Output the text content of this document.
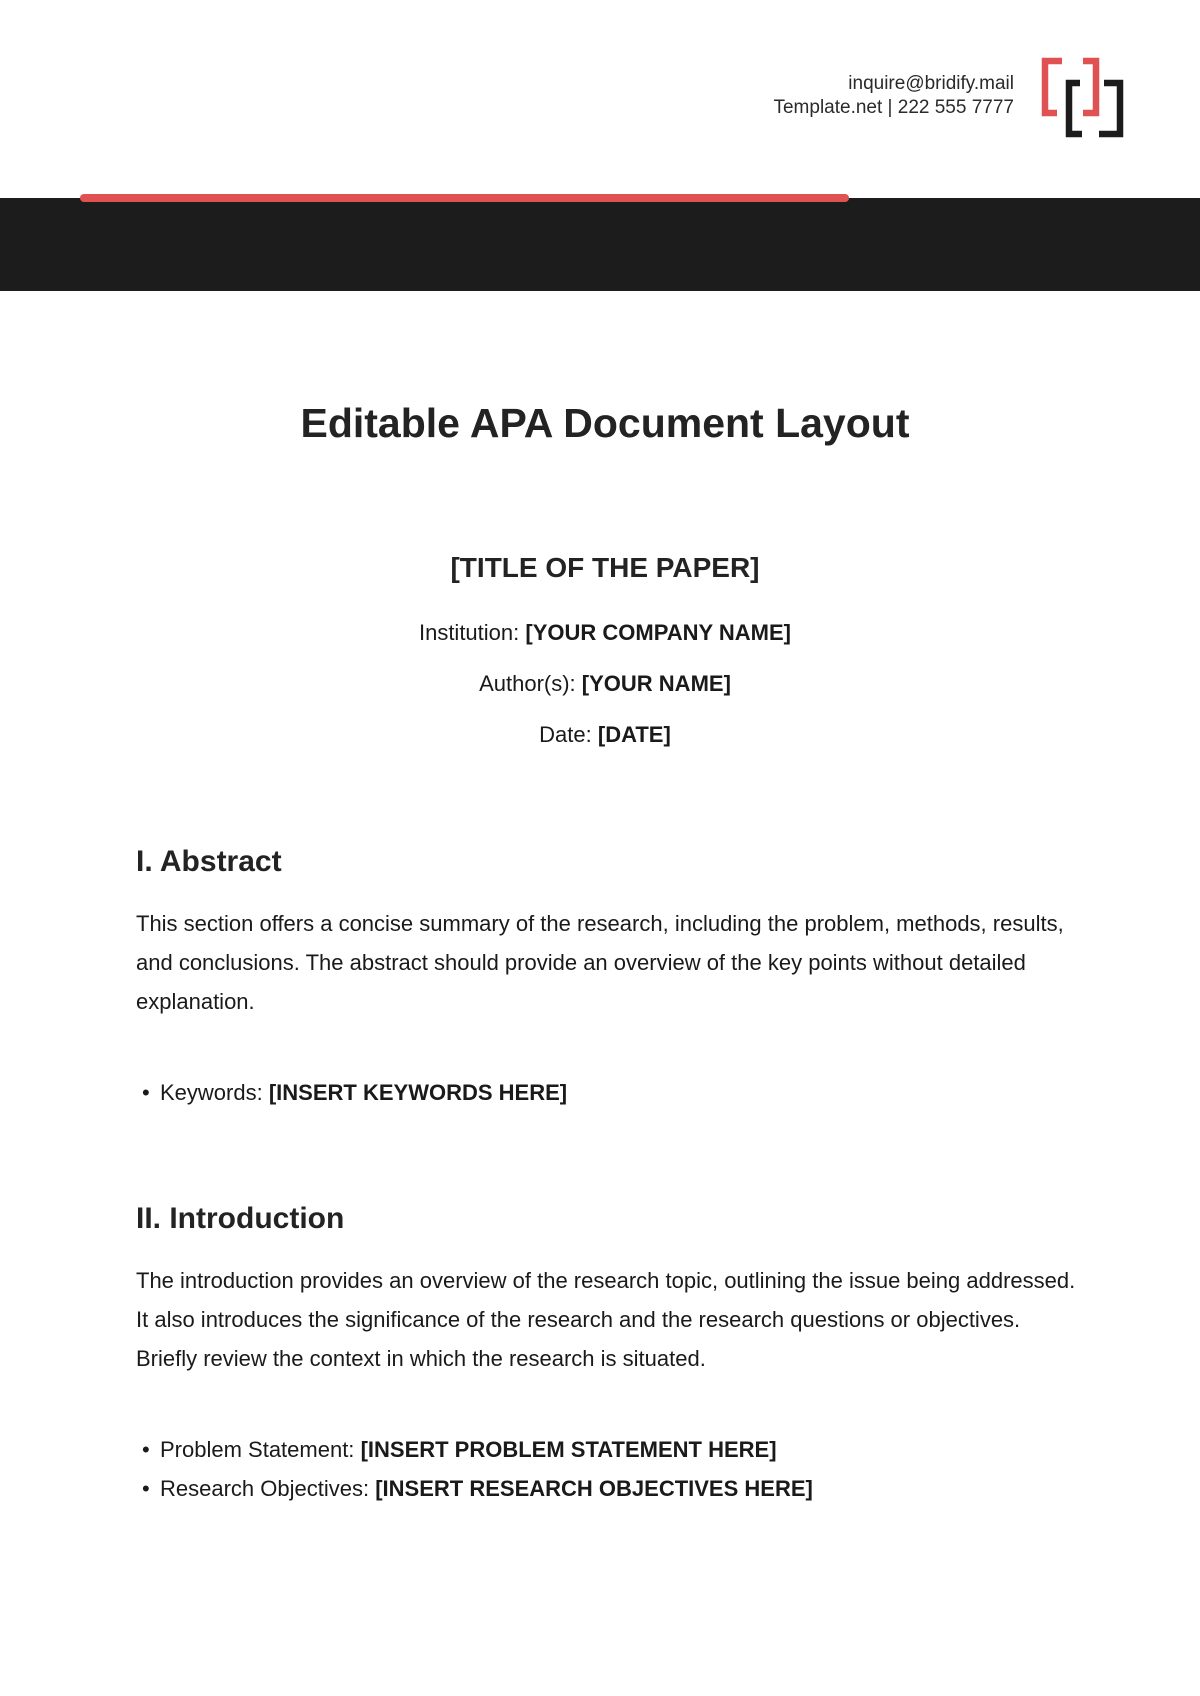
inquire@bridify.mail
Template.net | 222 555 7777
Editable APA Document Layout
[TITLE OF THE PAPER]
Institution: [YOUR COMPANY NAME]
Author(s): [YOUR NAME]
Date: [DATE]
I. Abstract

This section offers a concise summary of the research, including the problem, methods, results, and conclusions. The abstract should provide an overview of the key points without detailed explanation.

• Keywords: [INSERT KEYWORDS HERE]
II. Introduction

The introduction provides an overview of the research topic, outlining the issue being addressed. It also introduces the significance of the research and the research questions or objectives. Briefly review the context in which the research is situated.

• Problem Statement: [INSERT PROBLEM STATEMENT HERE]
• Research Objectives: [INSERT RESEARCH OBJECTIVES HERE]
